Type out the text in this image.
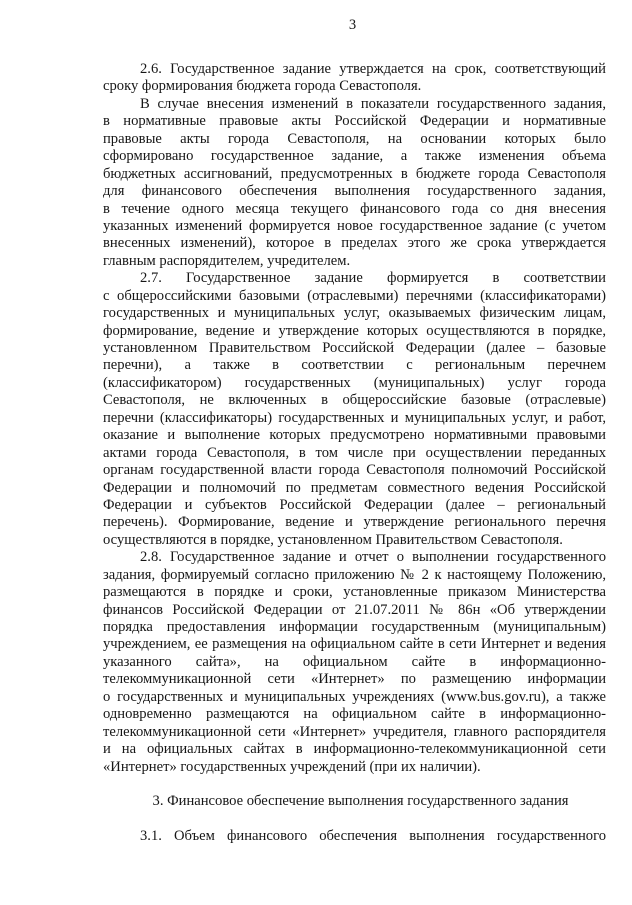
3
2.6. Государственное задание утверждается на срок, соответствующий
сроку формирования бюджета города Севастополя.
В случае внесения изменений в показатели государственного задания,
в нормативные правовые акты Российской Федерации и нормативные
правовые акты города Севастополя, на основании которых было
сформировано государственное задание, а также изменения объема
бюджетных ассигнований, предусмотренных в бюджете города Севастополя
для финансового обеспечения выполнения государственного задания,
в течение одного месяца текущего финансового года со дня внесения
указанных изменений формируется новое государственное задание (с учетом
внесенных изменений), которое в пределах этого же срока утверждается
главным распорядителем, учредителем.
2.7. Государственное задание формируется в соответствии
с общероссийскими базовыми (отраслевыми) перечнями (классификаторами)
государственных и муниципальных услуг, оказываемых физическим лицам,
формирование, ведение и утверждение которых осуществляются в порядке,
установленном Правительством Российской Федерации (далее – базовые
перечни), а также в соответствии с региональным перечнем
(классификатором) государственных (муниципальных) услуг города
Севастополя, не включенных в общероссийские базовые (отраслевые)
перечни (классификаторы) государственных и муниципальных услуг, и работ,
оказание и выполнение которых предусмотрено нормативными правовыми
актами города Севастополя, в том числе при осуществлении переданных
органам государственной власти города Севастополя полномочий Российской
Федерации и полномочий по предметам совместного ведения Российской
Федерации и субъектов Российской Федерации (далее – региональный
перечень). Формирование, ведение и утверждение регионального перечня
осуществляются в порядке, установленном Правительством Севастополя.
2.8. Государственное задание и отчет о выполнении государственного
задания, формируемый согласно приложению № 2 к настоящему Положению,
размещаются в порядке и сроки, установленные приказом Министерства
финансов Российской Федерации от 21.07.2011 № 86н «Об утверждении
порядка предоставления информации государственным (муниципальным)
учреждением, ее размещения на официальном сайте в сети Интернет и ведения
указанного сайта», на официальном сайте в информационно-
телекоммуникационной сети «Интернет» по размещению информации
о государственных и муниципальных учреждениях (www.bus.gov.ru), а также
одновременно размещаются на официальном сайте в информационно-
телекоммуникационной сети «Интернет» учредителя, главного распорядителя
и на официальных сайтах в информационно-телекоммуникационной сети
«Интернет» государственных учреждений (при их наличии).
3. Финансовое обеспечение выполнения государственного задания
3.1. Объем финансового обеспечения выполнения государственного
